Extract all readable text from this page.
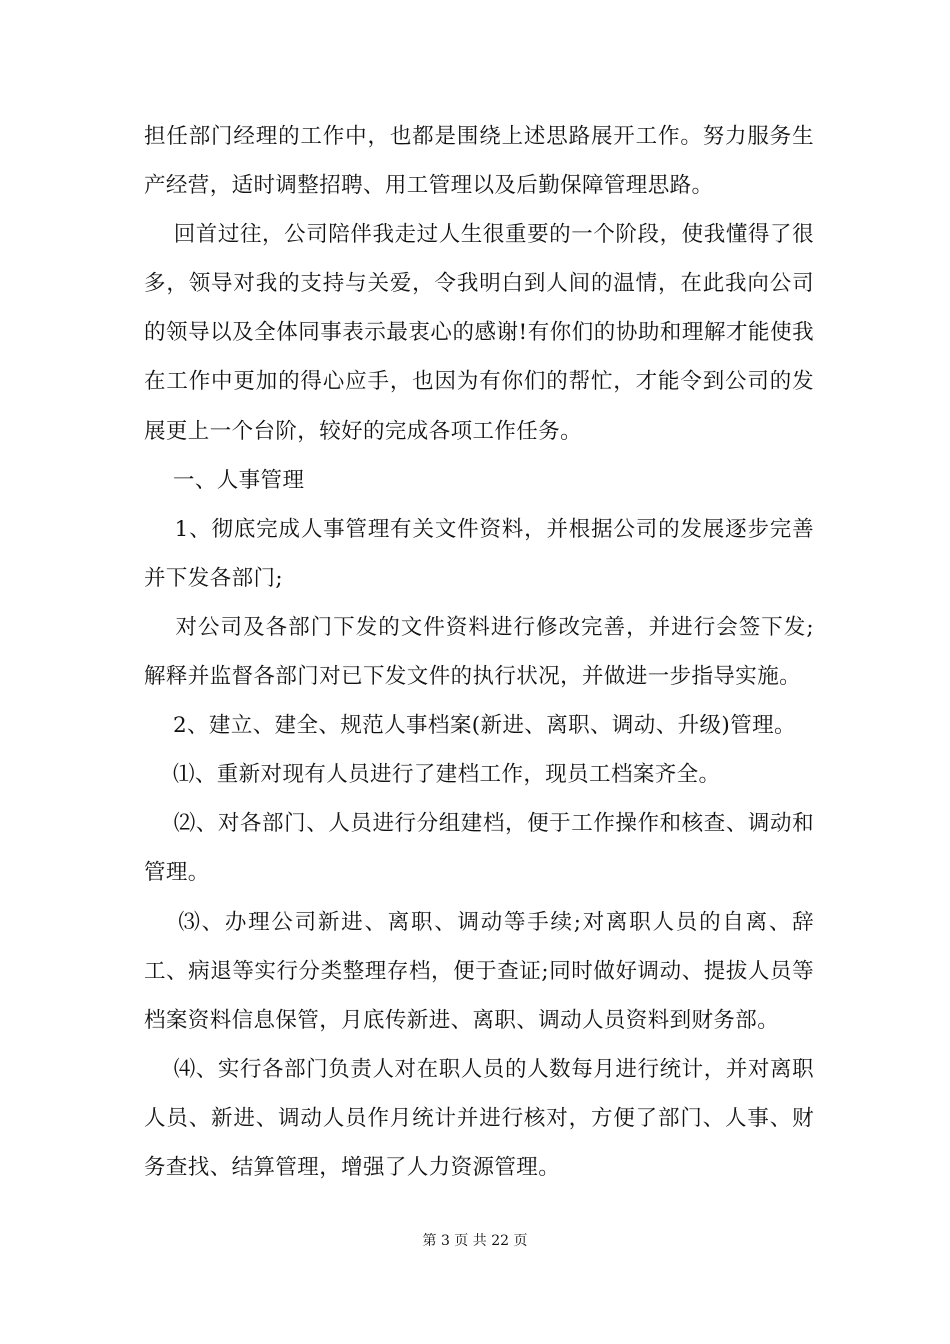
担任部门经理的工作中，也都是围绕上述思路展开工作。努力服务生产经营，适时调整招聘、用工管理以及后勤保障管理思路。

回首过往，公司陪伴我走过人生很重要的一个阶段，使我懂得了很多，领导对我的支持与关爱，令我明白到人间的温情，在此我向公司的领导以及全体同事表示最衷心的感谢!有你们的协助和理解才能使我在工作中更加的得心应手，也因为有你们的帮忙，才能令到公司的发展更上一个台阶，较好的完成各项工作任务。

一、人事管理

1、彻底完成人事管理有关文件资料，并根据公司的发展逐步完善并下发各部门;

对公司及各部门下发的文件资料进行修改完善，并进行会签下发;解释并监督各部门对已下发文件的执行状况，并做进一步指导实施。

2、建立、建全、规范人事档案(新进、离职、调动、升级)管理。

⑴、重新对现有人员进行了建档工作，现员工档案齐全。

⑵、对各部门、人员进行分组建档，便于工作操作和核查、调动和管理。

⑶、办理公司新进、离职、调动等手续;对离职人员的自离、辞工、病退等实行分类整理存档，便于查证;同时做好调动、提拔人员等档案资料信息保管，月底传新进、离职、调动人员资料到财务部。

⑷、实行各部门负责人对在职人员的人数每月进行统计，并对离职人员、新进、调动人员作月统计并进行核对，方便了部门、人事、财务查找、结算管理，增强了人力资源管理。

第 3 页 共 22 页
